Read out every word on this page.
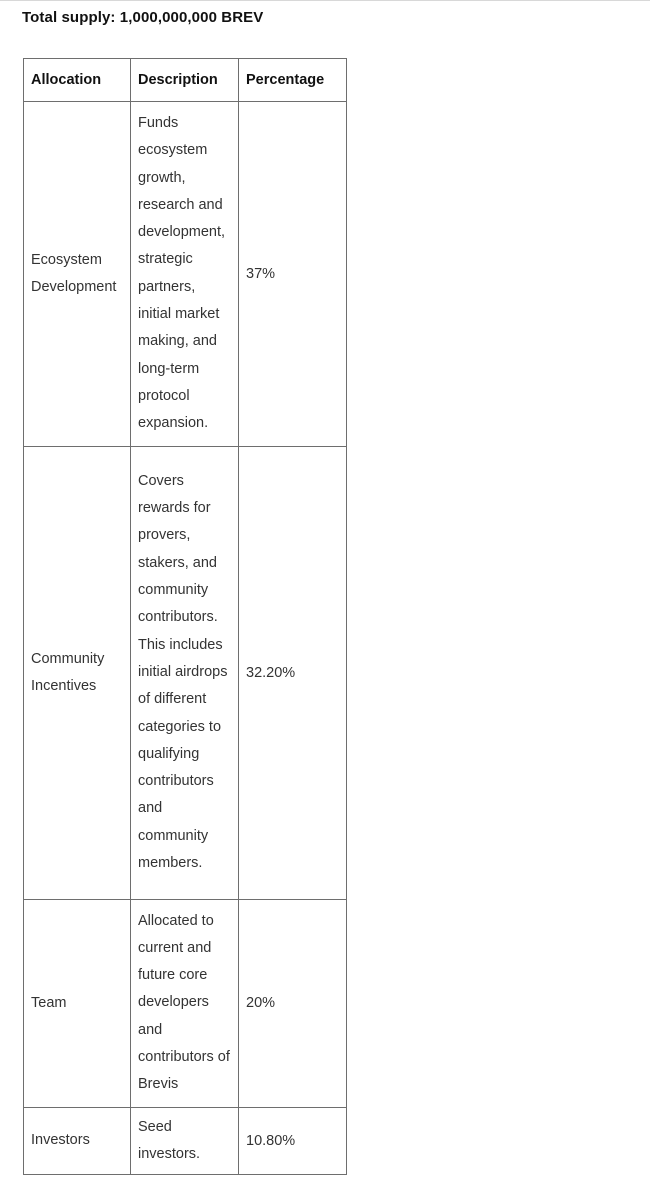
Total supply: 1,000,000,000 BREV
Allocation	Description	Percentage
Ecosystem Development	Funds ecosystem growth, research and development, strategic partners, initial market making, and long-term protocol expansion.	37%
Community Incentives	Covers rewards for provers, stakers, and community contributors. This includes initial airdrops of different categories to qualifying contributors and community members.	32.20%
Team	Allocated to current and future core developers and contributors of Brevis	20%
Investors	Seed investors.	10.80%
